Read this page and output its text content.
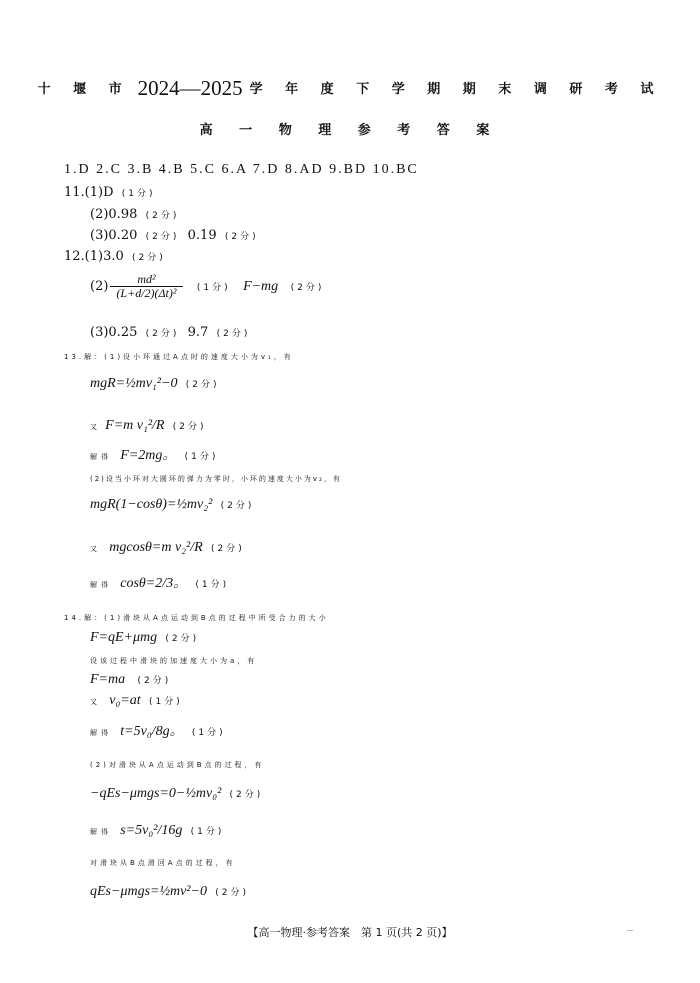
十 堰 市 2024—2025 学 年 度 下 学 期 期 末 调 研 考 试
高 一 物 理 参 考 答 案
1.D 2.C 3.B 4.B 5.C 6.A 7.D 8.AD 9.BD 10.BC
11.(1)D (1分)
(2)0.98 (2分)
(3)0.20 (2分) 0.19 (2分)
12.(1)3.0 (2分)
$(2) \frac{\text{md²}}{\text{(L+d/2)(Δt)²}} (1$分) F−mg (2分)
(3)0.25 (2分) 9.7 (2分)
13.解：(1)设小环通过A点时的速度大小为v₁，有
mgR=½mv₁²−0 (2分)
又 F=m v₁²/R (2分)
解得 F=2mg。 (1分)
(2)设当小环对大圆环的弹力为零时，小环的速度大小为v₂，有
mgR(1−cosθ)=½mv₂² (2分)
又 mgcosθ=m v₂²/R (2分)
解得 cosθ=2/3。 (1分)
14.解：(1)滑块从A点运动到B点的过程中所受合力的大小
F=qE+μmg (2分)
设该过程中滑块的加速度大小为a，有
F=ma (2分)
又 v₀=at (1分)
解得 t=5v₀/8g。 (1分)
(2)对滑块从A点运动到B点的过程，有
−qEs−μmgs=0−½mv₀² (2分)
解得 s=5v₀²/16g (1分)
对滑块从B点滑回A点的过程，有
qEs−μmgs=½mv²−0 (2分)
【高一物理·参考答案　第 1 页(共 2 页)】
